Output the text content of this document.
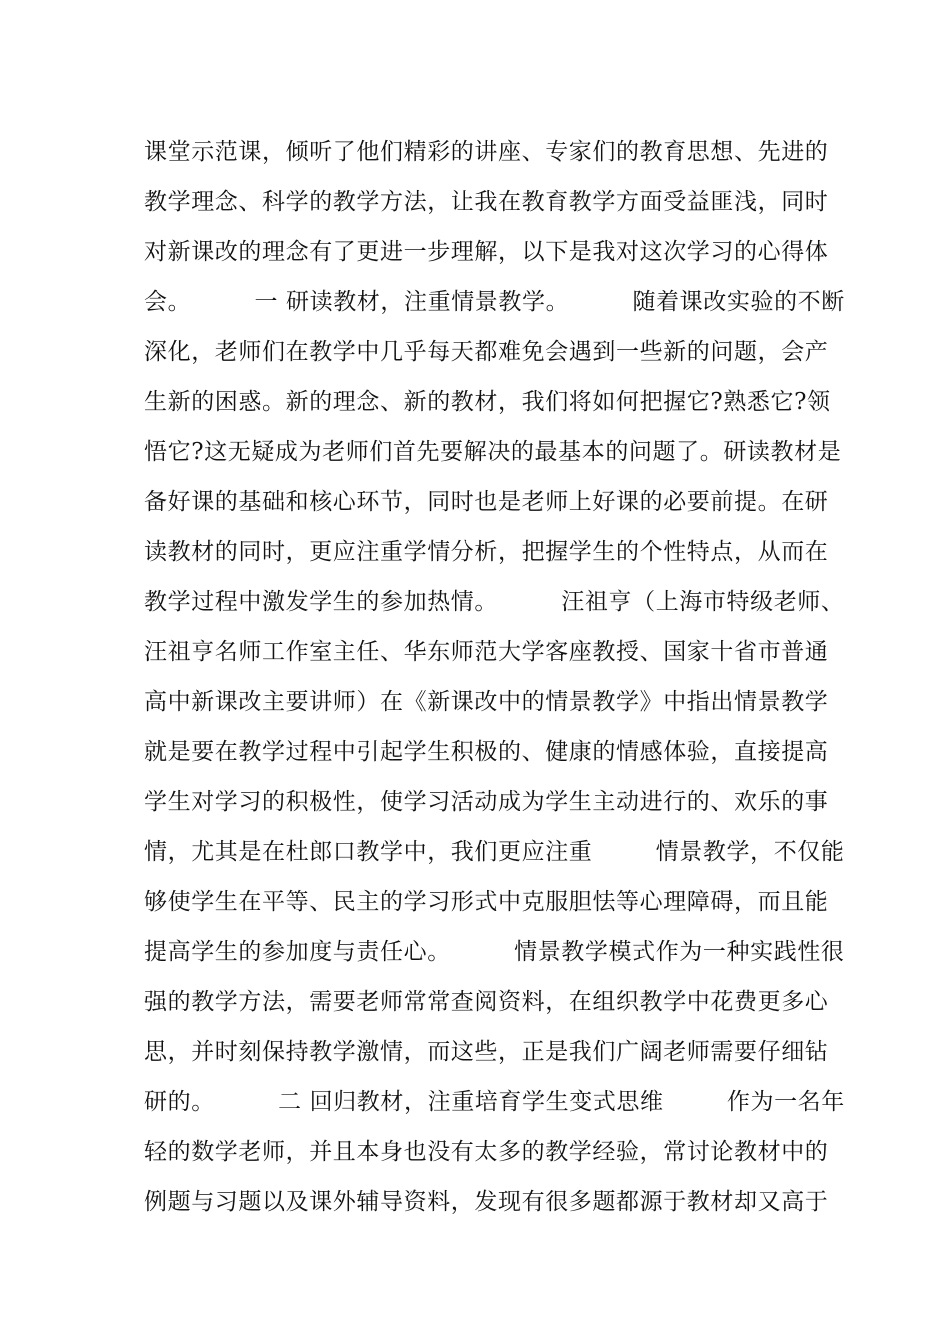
课堂示范课，倾听了他们精彩的讲座、专家们的教育思想、先进的
教学理念、科学的教学方法，让我在教育教学方面受益匪浅，同时
对新课改的理念有了更进一步理解，以下是我对这次学习的心得体
会。        一 研读教材，注重情景教学。        随着课改实验的不断
深化，老师们在教学中几乎每天都难免会遇到一些新的问题，会产
生新的困惑。新的理念、新的教材，我们将如何把握它?熟悉它?领
悟它?这无疑成为老师们首先要解决的最基本的问题了。研读教材是
备好课的基础和核心环节，同时也是老师上好课的必要前提。在研
读教材的同时，更应注重学情分析，把握学生的个性特点，从而在
教学过程中激发学生的参加热情。        汪祖亨（上海市特级老师、
汪祖亨名师工作室主任、华东师范大学客座教授、国家十省市普通
高中新课改主要讲师）在《新课改中的情景教学》中指出情景教学
就是要在教学过程中引起学生积极的、健康的情感体验，直接提高
学生对学习的积极性，使学习活动成为学生主动进行的、欢乐的事
情，尤其是在杜郎口教学中，我们更应注重        情景教学，不仅能
够使学生在平等、民主的学习形式中克服胆怯等心理障碍，而且能
提高学生的参加度与责任心。        情景教学模式作为一种实践性很
强的教学方法，需要老师常常查阅资料，在组织教学中花费更多心
思，并时刻保持教学激情，而这些，正是我们广阔老师需要仔细钻
研的。        二 回归教材，注重培育学生变式思维        作为一名年
轻的数学老师，并且本身也没有太多的教学经验，常讨论教材中的
例题与习题以及课外辅导资料，发现有很多题都源于教材却又高于
